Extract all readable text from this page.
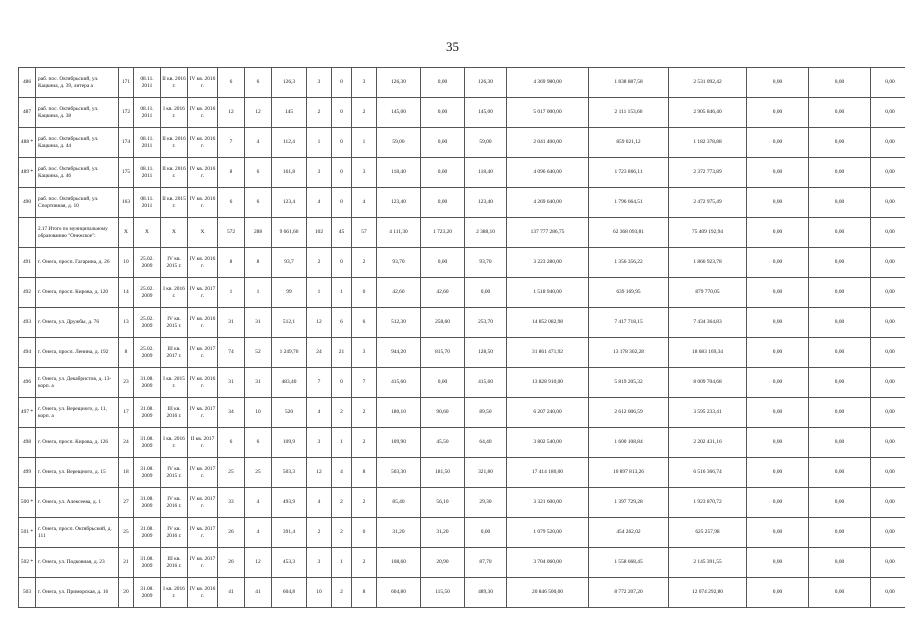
35
486	раб. пос. Октябрьский, ул. Кацкина, д. 39, литера а	171	08.11. 2011	II кв. 2016 г.	IV кв. 2016 г.	6	6	126,3	3	0	3	126,30	0,00	126,30	4 369 980,00	1 838 887,58	2 531 092,42	0,00	0,00	0,00
487	раб. пос. Октябрьский, ул. Кацкина, д. 38	172	08.11. 2011	I кв. 2016 г.	IV кв. 2016 г.	12	12	145	2	0	2	145,00	0,00	145,00	5 017 000,00	2 111 153,60	2 905 846,40	0,00	0,00	0,00
488 *	раб. пос. Октябрьский, ул. Кацкина, д. 44	174	08.11. 2011	II кв. 2016 г.	IV кв. 2016 г.	7	4	112,4	1	0	1	59,00	0,00	59,00	2 041 400,00	859 021,12	1 182 378,88	0,00	0,00	0,00
489 *	раб. пос. Октябрьский, ул. Кацкина, д. 46	175	08.11. 2011	II кв. 2016 г.	IV кв. 2016 г.	8	6	161,8	3	0	3	118,40	0,00	118,40	4 096 640,00	1 723 866,11	2 372 773,89	0,00	0,00	0,00
490	раб. пос. Октябрьский, ул. Спортивная, д. 10	163	08.11. 2011	II кв. 2015 г.	IV кв. 2016 г.	6	6	123,4	4	0	4	123,40	0,00	123,40	4 269 640,00	1 796 664,51	2 472 975,49	0,00	0,00	0,00
	2.17 Итого по муниципальному образованию "Онежское":	Х	Х	Х	Х	572	288	9 661,60	102	45	57	4 111,30	1 723,20	2 388,10	137 777 286,75	62 368 093,81	75 409 192,94	0,00	0,00	0,00
491	г. Онега, просп. Гагарина, д. 26	10	25.02. 2009	IV кв. 2015 г.	IV кв. 2016 г.	8	8	93,7	2	0	2	93,70	0,00	93,70	3 223 280,00	1 356 356,22	1 866 923,78	0,00	0,00	0,00
492	г. Онега, просп. Кирова, д. 120	14	25.02. 2009	I кв. 2016 г.	IV кв. 2017 г.	1	1	99	1	1	0	42,60	42,60	0,00	1 518 940,00	639 169,95	879 770,05	0,00	0,00	0,00
493	г. Онега, ул. Дружбы, д. 76	13	25.02. 2009	IV кв. 2015 г.	IV кв. 2016 г.	31	31	512,1	12	6	6	512,30	258,60	253,70	14 852 082,98	7 417 718,15	7 434 364,83	0,00	0,00	0,00
494	г. Онега, просп. Ленина, д. 192	8	25.02. 2009	III кв. 2017 г.	IV кв. 2017 г.	74	52	1 249,70	24	21	3	944,20	815,70	128,50	31 861 471,92	13 178 302,28	18 683 169,34	0,00	0,00	0,00
496	г. Онега, ул. Декабристов, д. 13-корп. а	23	31.08. 2009	I кв. 2015 г.	IV кв. 2016 г.	31	31	483,40	7	0	7	415,60	0,00	415,60	13 828 910,00	5 819 205,32	8 009 704,68	0,00	0,00	0,00
497 *	г. Онега, ул. Верещного, д. 11, корп. а	17	31.08. 2009	III кв. 2016 г.	IV кв. 2017 г.	34	10	520	4	2	2	180,10	90,60	89,50	6 207 240,00	2 612 006,59	3 595 233,41	0,00	0,00	0,00
498	г. Онега, просп. Кирова, д. 126	24	31.08. 2009	I кв. 2016 г.	II кв. 2017 г.	6	6	109,9	3	1	2	109,90	45,50	64,40	3 802 540,00	1 600 108,84	2 202 431,16	0,00	0,00	0,00
499	г. Онега, ул. Верещного, д. 15	18	31.08. 2009	IV кв. 2015 г.	IV кв. 2017 г.	25	25	503,3	12	4	8	503,30	181,50	321,80	17 414 180,00	10 897 813,26	6 516 366,74	0,00	0,00	0,00
500 *	г. Онега, ул. Алексеева, д. 1	27	31.08. 2009	IV кв. 2016 г.	IV кв. 2017 г.	33	4	493,9	4	2	2	85,40	56,10	29,30	3 321 600,00	1 397 729,28	1 923 870,72	0,00	0,00	0,00
501 *	г. Онега, просп. Октябрьский, д. 111	25	31.08. 2009	IV кв. 2016 г.	IV кв. 2017 г.	26	4	391,4	2	2	0	31,20	31,20	0,00	1 079 520,00	454 262,02	625 257,98	0,00	0,00	0,00
502 *	г. Онега, ул. Подковная, д. 23	21	31.08. 2009	III кв. 2016 г.	IV кв. 2017 г.	26	12	453,3	3	1	2	108,60	20,90	87,70	3 704 060,00	1 558 668,45	2 145 391,55	0,00	0,00	0,00
503	г. Онега, ул. Приморская, д. 16	20	31.08. 2009	I кв. 2016 г.	IV кв. 2016 г.	41	41	604,8	10	2	8	604,80	115,50	489,30	20 846 500,00	8 772 207,20	12 074 292,80	0,00	0,00	0,00
